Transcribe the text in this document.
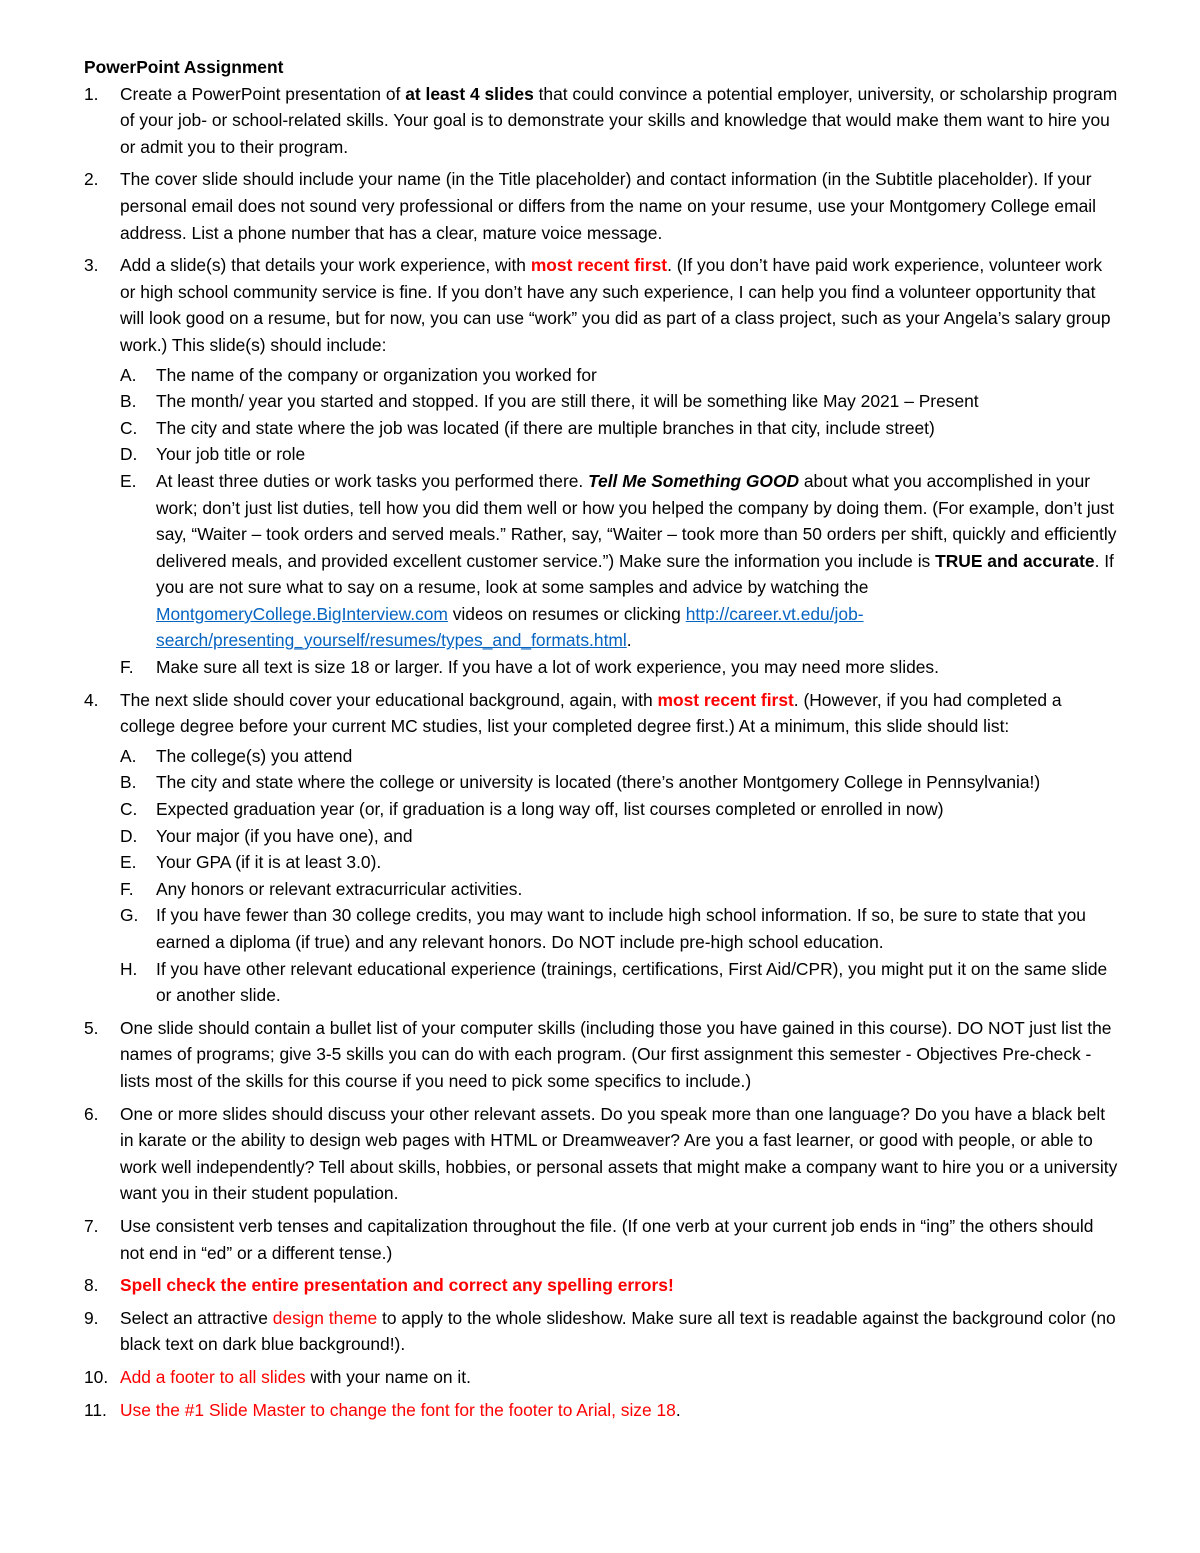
PowerPoint Assignment

1. Create a PowerPoint presentation of at least 4 slides that could convince a potential employer, university, or scholarship program of your job- or school-related skills. Your goal is to demonstrate your skills and knowledge that would make them want to hire you or admit you to their program.
2. The cover slide should include your name (in the Title placeholder) and contact information (in the Subtitle placeholder). If your personal email does not sound very professional or differs from the name on your resume, use your Montgomery College email address. List a phone number that has a clear, mature voice message.
3. Add a slide(s) that details your work experience, with most recent first. (If you don’t have paid work experience, volunteer work or high school community service is fine. If you don’t have any such experience, I can help you find a volunteer opportunity that will look good on a resume, but for now, you can use “work” you did as part of a class project, such as your Angela’s salary group work.) This slide(s) should include:
A. The name of the company or organization you worked for
B. The month/ year you started and stopped. If you are still there, it will be something like May 2021 – Present
C. The city and state where the job was located (if there are multiple branches in that city, include street)
D. Your job title or role
E. At least three duties or work tasks you performed there. Tell Me Something GOOD about what you accomplished in your work; don’t just list duties, tell how you did them well or how you helped the company by doing them. (For example, don’t just say, “Waiter – took orders and served meals.” Rather, say, “Waiter – took more than 50 orders per shift, quickly and efficiently delivered meals, and provided excellent customer service.”) Make sure the information you include is TRUE and accurate. If you are not sure what to say on a resume, look at some samples and advice by watching the MontgomeryCollege.BigInterview.com videos on resumes or clicking http://career.vt.edu/job-search/presenting_yourself/resumes/types_and_formats.html.
F. Make sure all text is size 18 or larger. If you have a lot of work experience, you may need more slides.
4. The next slide should cover your educational background, again, with most recent first. (However, if you had completed a college degree before your current MC studies, list your completed degree first.) At a minimum, this slide should list:
A. The college(s) you attend
B. The city and state where the college or university is located (there’s another Montgomery College in Pennsylvania!)
C. Expected graduation year (or, if graduation is a long way off, list courses completed or enrolled in now)
D. Your major (if you have one), and
E. Your GPA (if it is at least 3.0).
F. Any honors or relevant extracurricular activities.
G. If you have fewer than 30 college credits, you may want to include high school information. If so, be sure to state that you earned a diploma (if true) and any relevant honors. Do NOT include pre-high school education.
H. If you have other relevant educational experience (trainings, certifications, First Aid/CPR), you might put it on the same slide or another slide.
5. One slide should contain a bullet list of your computer skills (including those you have gained in this course). DO NOT just list the names of programs; give 3-5 skills you can do with each program. (Our first assignment this semester - Objectives Pre-check - lists most of the skills for this course if you need to pick some specifics to include.)
6. One or more slides should discuss your other relevant assets. Do you speak more than one language? Do you have a black belt in karate or the ability to design web pages with HTML or Dreamweaver? Are you a fast learner, or good with people, or able to work well independently? Tell about skills, hobbies, or personal assets that might make a company want to hire you or a university want you in their student population.
7. Use consistent verb tenses and capitalization throughout the file. (If one verb at your current job ends in “ing” the others should not end in “ed” or a different tense.)
8. Spell check the entire presentation and correct any spelling errors!
9. Select an attractive design theme to apply to the whole slideshow. Make sure all text is readable against the background color (no black text on dark blue background!).
10. Add a footer to all slides with your name on it.
11. Use the #1 Slide Master to change the font for the footer to Arial, size 18.
